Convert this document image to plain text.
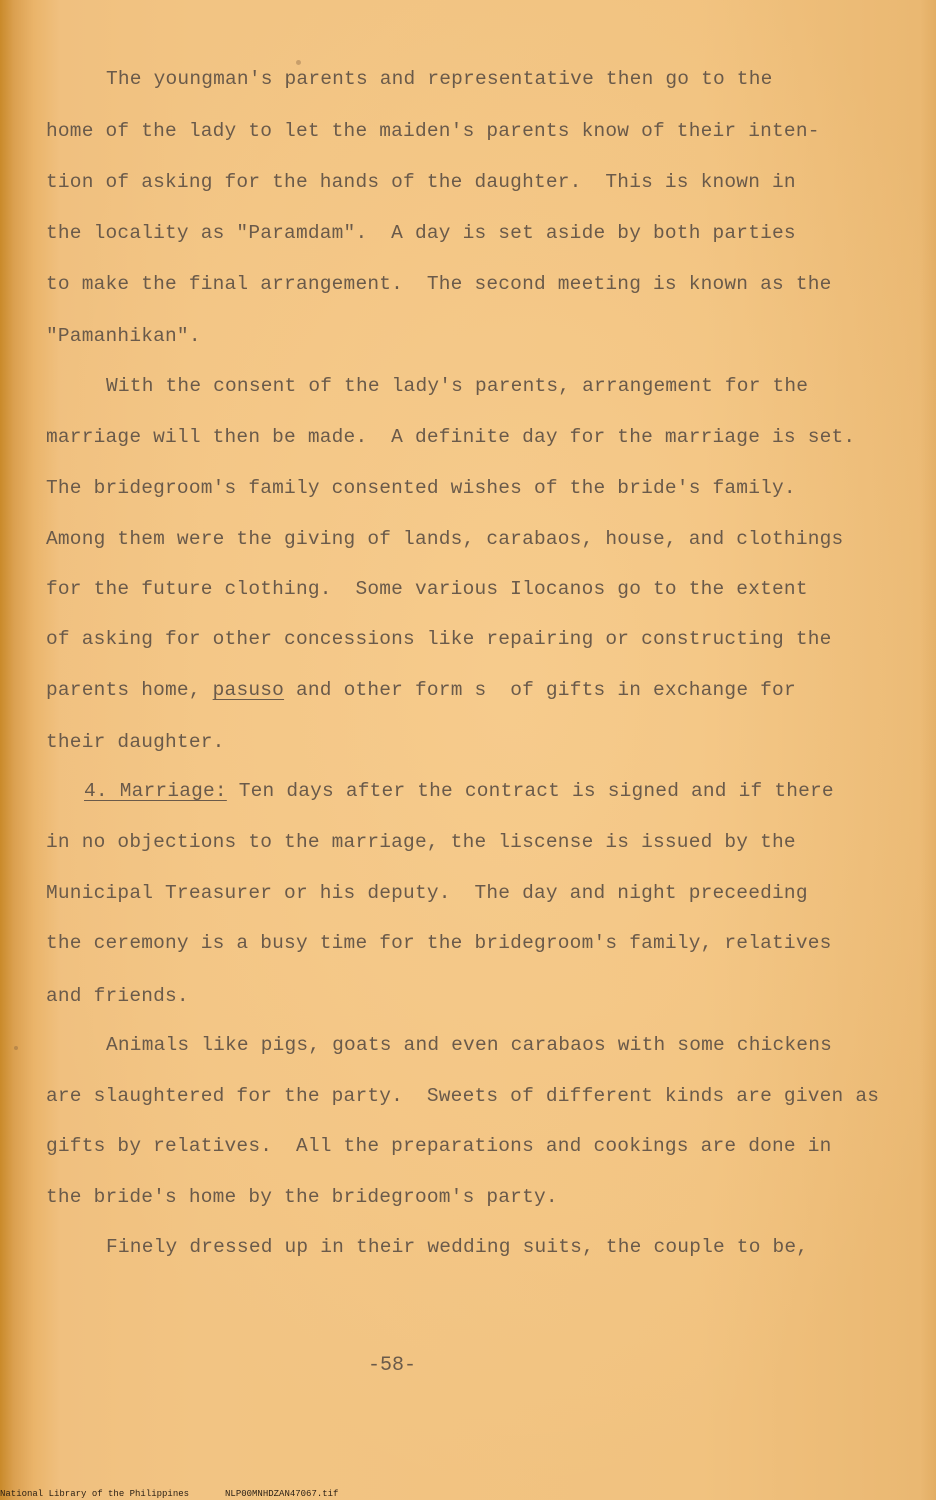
The youngman's parents and representative then go to the

home of the lady to let the maiden's parents know of their inten-

tion of asking for the hands of the daughter.  This is known in

the locality as "Paramdam".  A day is set aside by both parties

to make the final arrangement.  The second meeting is known as the

"Pamanhikan".

With the consent of the lady's parents, arrangement for the

marriage will then be made.  A definite day for the marriage is set.

The bridegroom's family consented wishes of the bride's family.

Among them were the giving of lands, carabaos, house, and clothings

for the future clothing.  Some various Ilocanos go to the extent

of asking for other concessions like repairing or constructing the

parents home, pasuso and other form s  of gifts in exchange for

their daughter.

4. Marriage: Ten days after the contract is signed and if there

in no objections to the marriage, the liscense is issued by the

Municipal Treasurer or his deputy.  The day and night preceeding

the ceremony is a busy time for the bridegroom's family, relatives

and friends.

Animals like pigs, goats and even carabaos with some chickens

are slaughtered for the party.  Sweets of different kinds are given as

gifts by relatives.  All the preparations and cookings are done in

the bride's home by the bridegroom's party.

Finely dressed up in their wedding suits, the couple to be,

-58-
National Library of the Philippines	NLP00MNHDZAN47067.tif
